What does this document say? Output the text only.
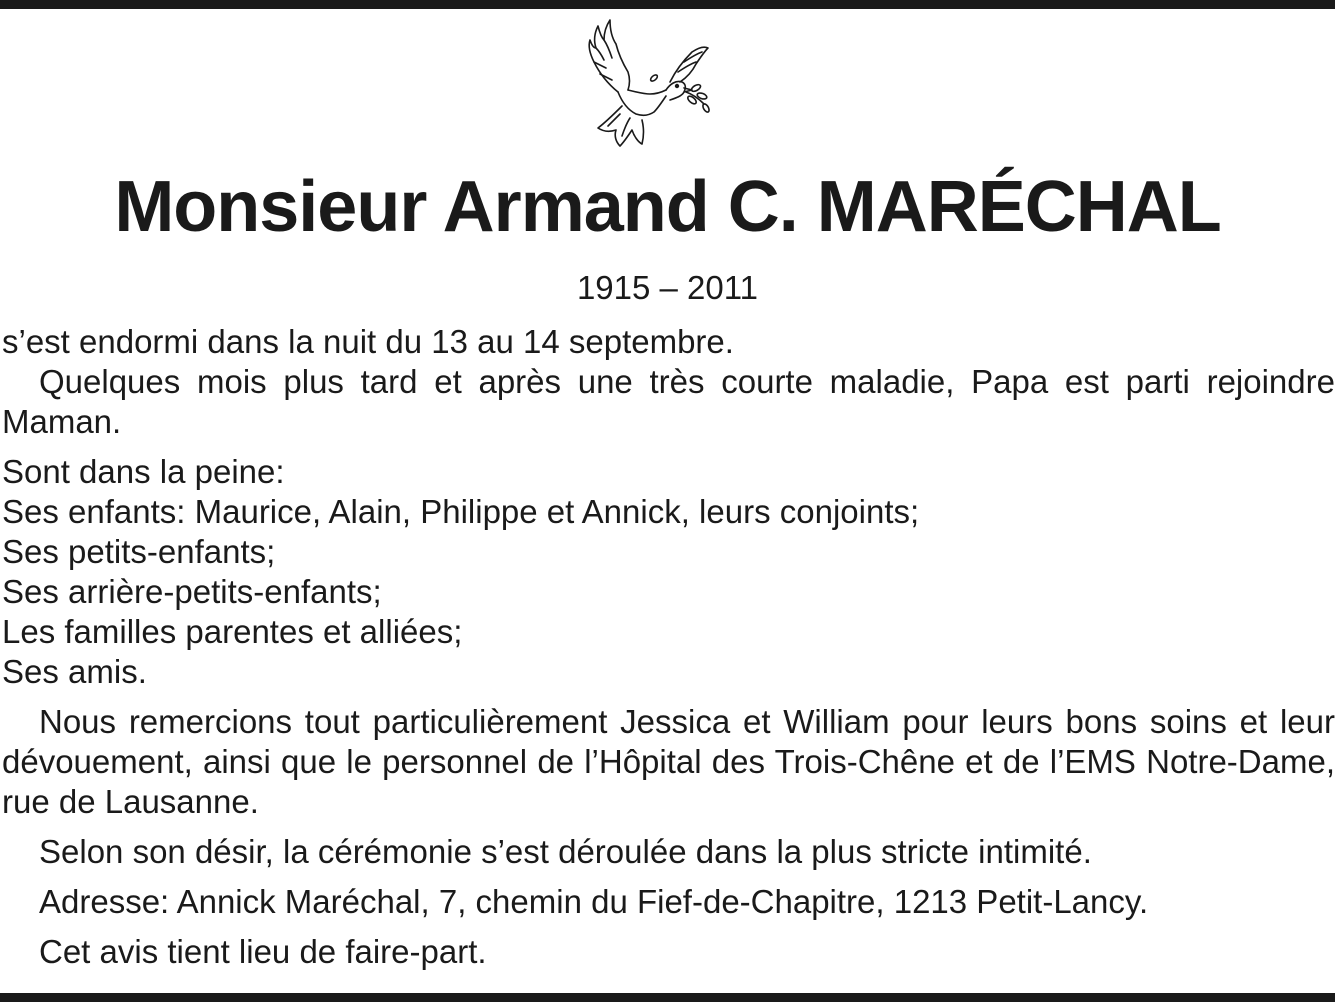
Monsieur Armand C. MARÉCHAL
1915 – 2011

s’est endormi dans la nuit du 13 au 14 septembre.

Quelques mois plus tard et après une très courte maladie, Papa est parti rejoindre Maman.

Sont dans la peine:

Ses enfants: Maurice, Alain, Philippe et Annick, leurs conjoints;

Ses petits-enfants;

Ses arrière-petits-enfants;

Les familles parentes et alliées;

Ses amis.

Nous remercions tout particulièrement Jessica et William pour leurs bons soins et leur dévouement, ainsi que le personnel de l’Hôpital des Trois-Chêne et de l’EMS Notre-Dame, rue de Lausanne.

Selon son désir, la cérémonie s’est déroulée dans la plus stricte intimité.

Adresse: Annick Maréchal, 7, chemin du Fief-de-Chapitre, 1213 Petit-Lancy.

Cet avis tient lieu de faire-part.
